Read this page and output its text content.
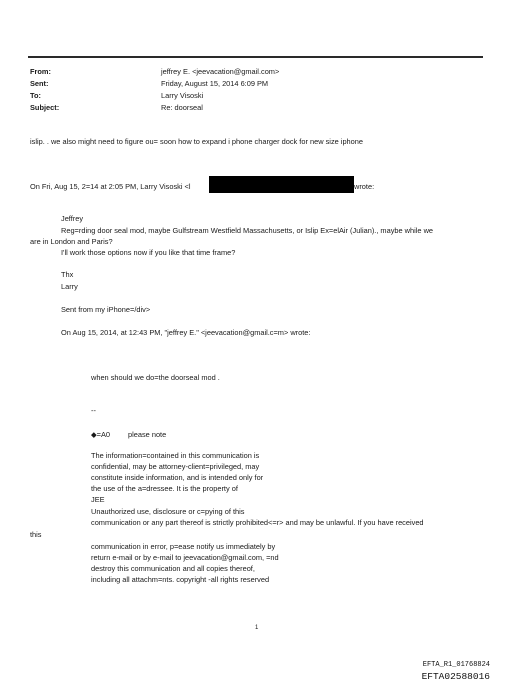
From:	jeffrey E. <jeevacation@gmail.com>
Sent:	Friday, August 15, 2014 6:09 PM
To:	Larry Visoski
Subject:	Re: doorseal
islip. . we also might need to figure ou= soon how to expand i phone charger dock for new size iphone
On Fri, Aug 15, 2=14 at 2:05 PM, Larry Visoski <l	wrote:
Jeffrey
Reg=rding door seal mod, maybe Gulfstream Westfield Massachusetts, or Islip Ex=elAir (Julian)., maybe while we
are in London and Paris?
I'll work those options now if you like that time frame?
Thx
Larry
Sent from my iPhone=/div>
On Aug 15, 2014, at 12:43 PM, "jeffrey E." <jeevacation@gmail.c=m> wrote:
when should we do=the doorseal mod .
--
◆=A0 please note
The information=contained in this communication is
confidential, may be attorney-client=privileged, may
constitute inside information, and is intended only for
the use of the a=dressee. It is the property of
JEE
Unauthorized use, disclosure or c=pying of this
communication or any part thereof is strictly prohibited<=r> and may be unlawful. If you have received
this
communication in error, p=ease notify us immediately by
return e-mail or by e-mail to jeevacation@gmail.com, =nd
destroy this communication and all copies thereof,
including all attachm=nts. copyright -all rights reserved
1
EFTA_R1_01768824
EFTA02588016
